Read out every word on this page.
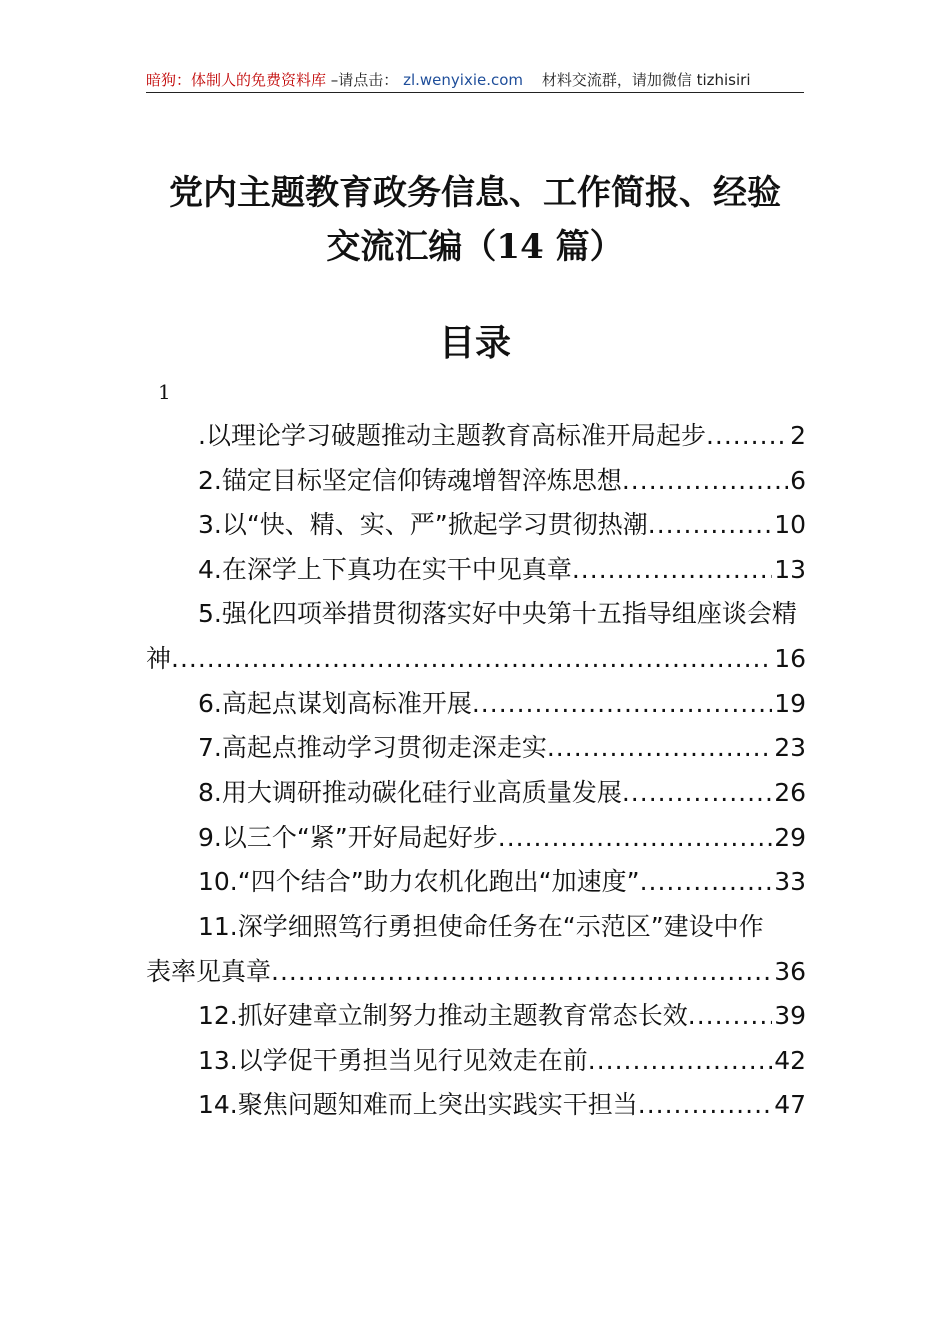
暗狗：体制人的免费资料库 –请点击： zl.wenyixie.com 材料交流群，请加微信 tizhisiri
党内主题教育政务信息、工作简报、经验
交流汇编（14 篇）
目录
1
.以理论学习破题推动主题教育高标准开局起步 .....	2
2.锚定目标坚定信仰铸魂增智淬炼思想 .....	6
3.以“快、精、实、严”掀起学习贯彻热潮 .....	10
4.在深学上下真功在实干中见真章 .....	13
5.强化四项举措贯彻落实好中央第十五指导组座谈会精
神 .....	16
6.高起点谋划高标准开展 .....	19
7.高起点推动学习贯彻走深走实 .....	23
8.用大调研推动碳化硅行业高质量发展 .....	26
9.以三个“紧”开好局起好步 .....	29
10.“四个结合”助力农机化跑出“加速度” .....	33
11.深学细照笃行勇担使命任务在“示范区”建设中作
表率见真章 .....	36
12.抓好建章立制努力推动主题教育常态长效 .....	39
13.以学促干勇担当见行见效走在前 .....	42
14.聚焦问题知难而上突出实践实干担当 .....	47
